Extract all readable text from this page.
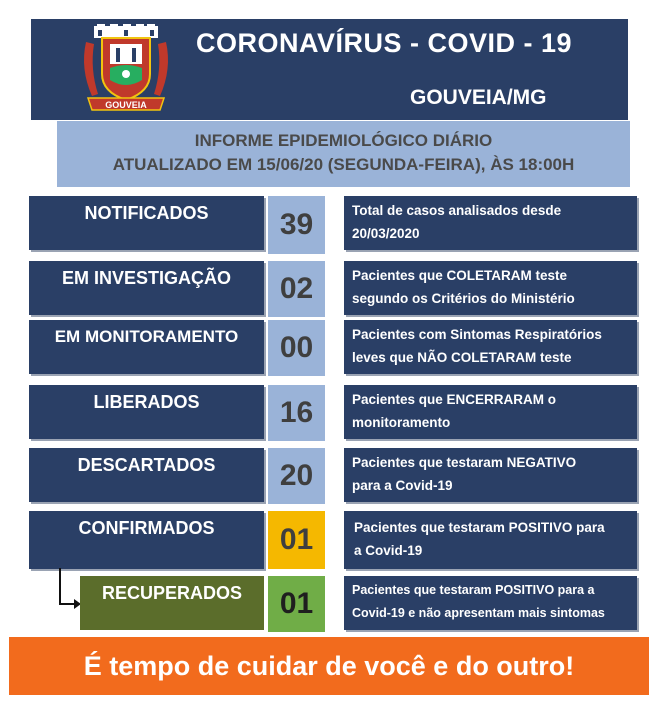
GOUVEIA
CORONAVÍRUS - COVID - 19
GOUVEIA/MG
INFORME EPIDEMIOLÓGICO DIÁRIO
ATUALIZADO EM 15/06/20 (SEGUNDA-FEIRA), ÀS 18:00H
NOTIFICADOS	39	Total de casos analisados desde
20/03/2020
EM INVESTIGAÇÃO	02	Pacientes que COLETARAM teste
segundo os Critérios do Ministério
EM MONITORAMENTO	00	Pacientes com Sintomas Respiratórios
leves que NÃO COLETARAM teste
LIBERADOS	16	Pacientes que ENCERRARAM o
monitoramento
DESCARTADOS	20	Pacientes que testaram NEGATIVO
para a Covid-19
CONFIRMADOS	01	Pacientes que testaram POSITIVO para
a Covid-19
RECUPERADOS	01	Pacientes que testaram POSITIVO para a
Covid-19 e não apresentam mais sintomas
É tempo de cuidar de você e do outro!
